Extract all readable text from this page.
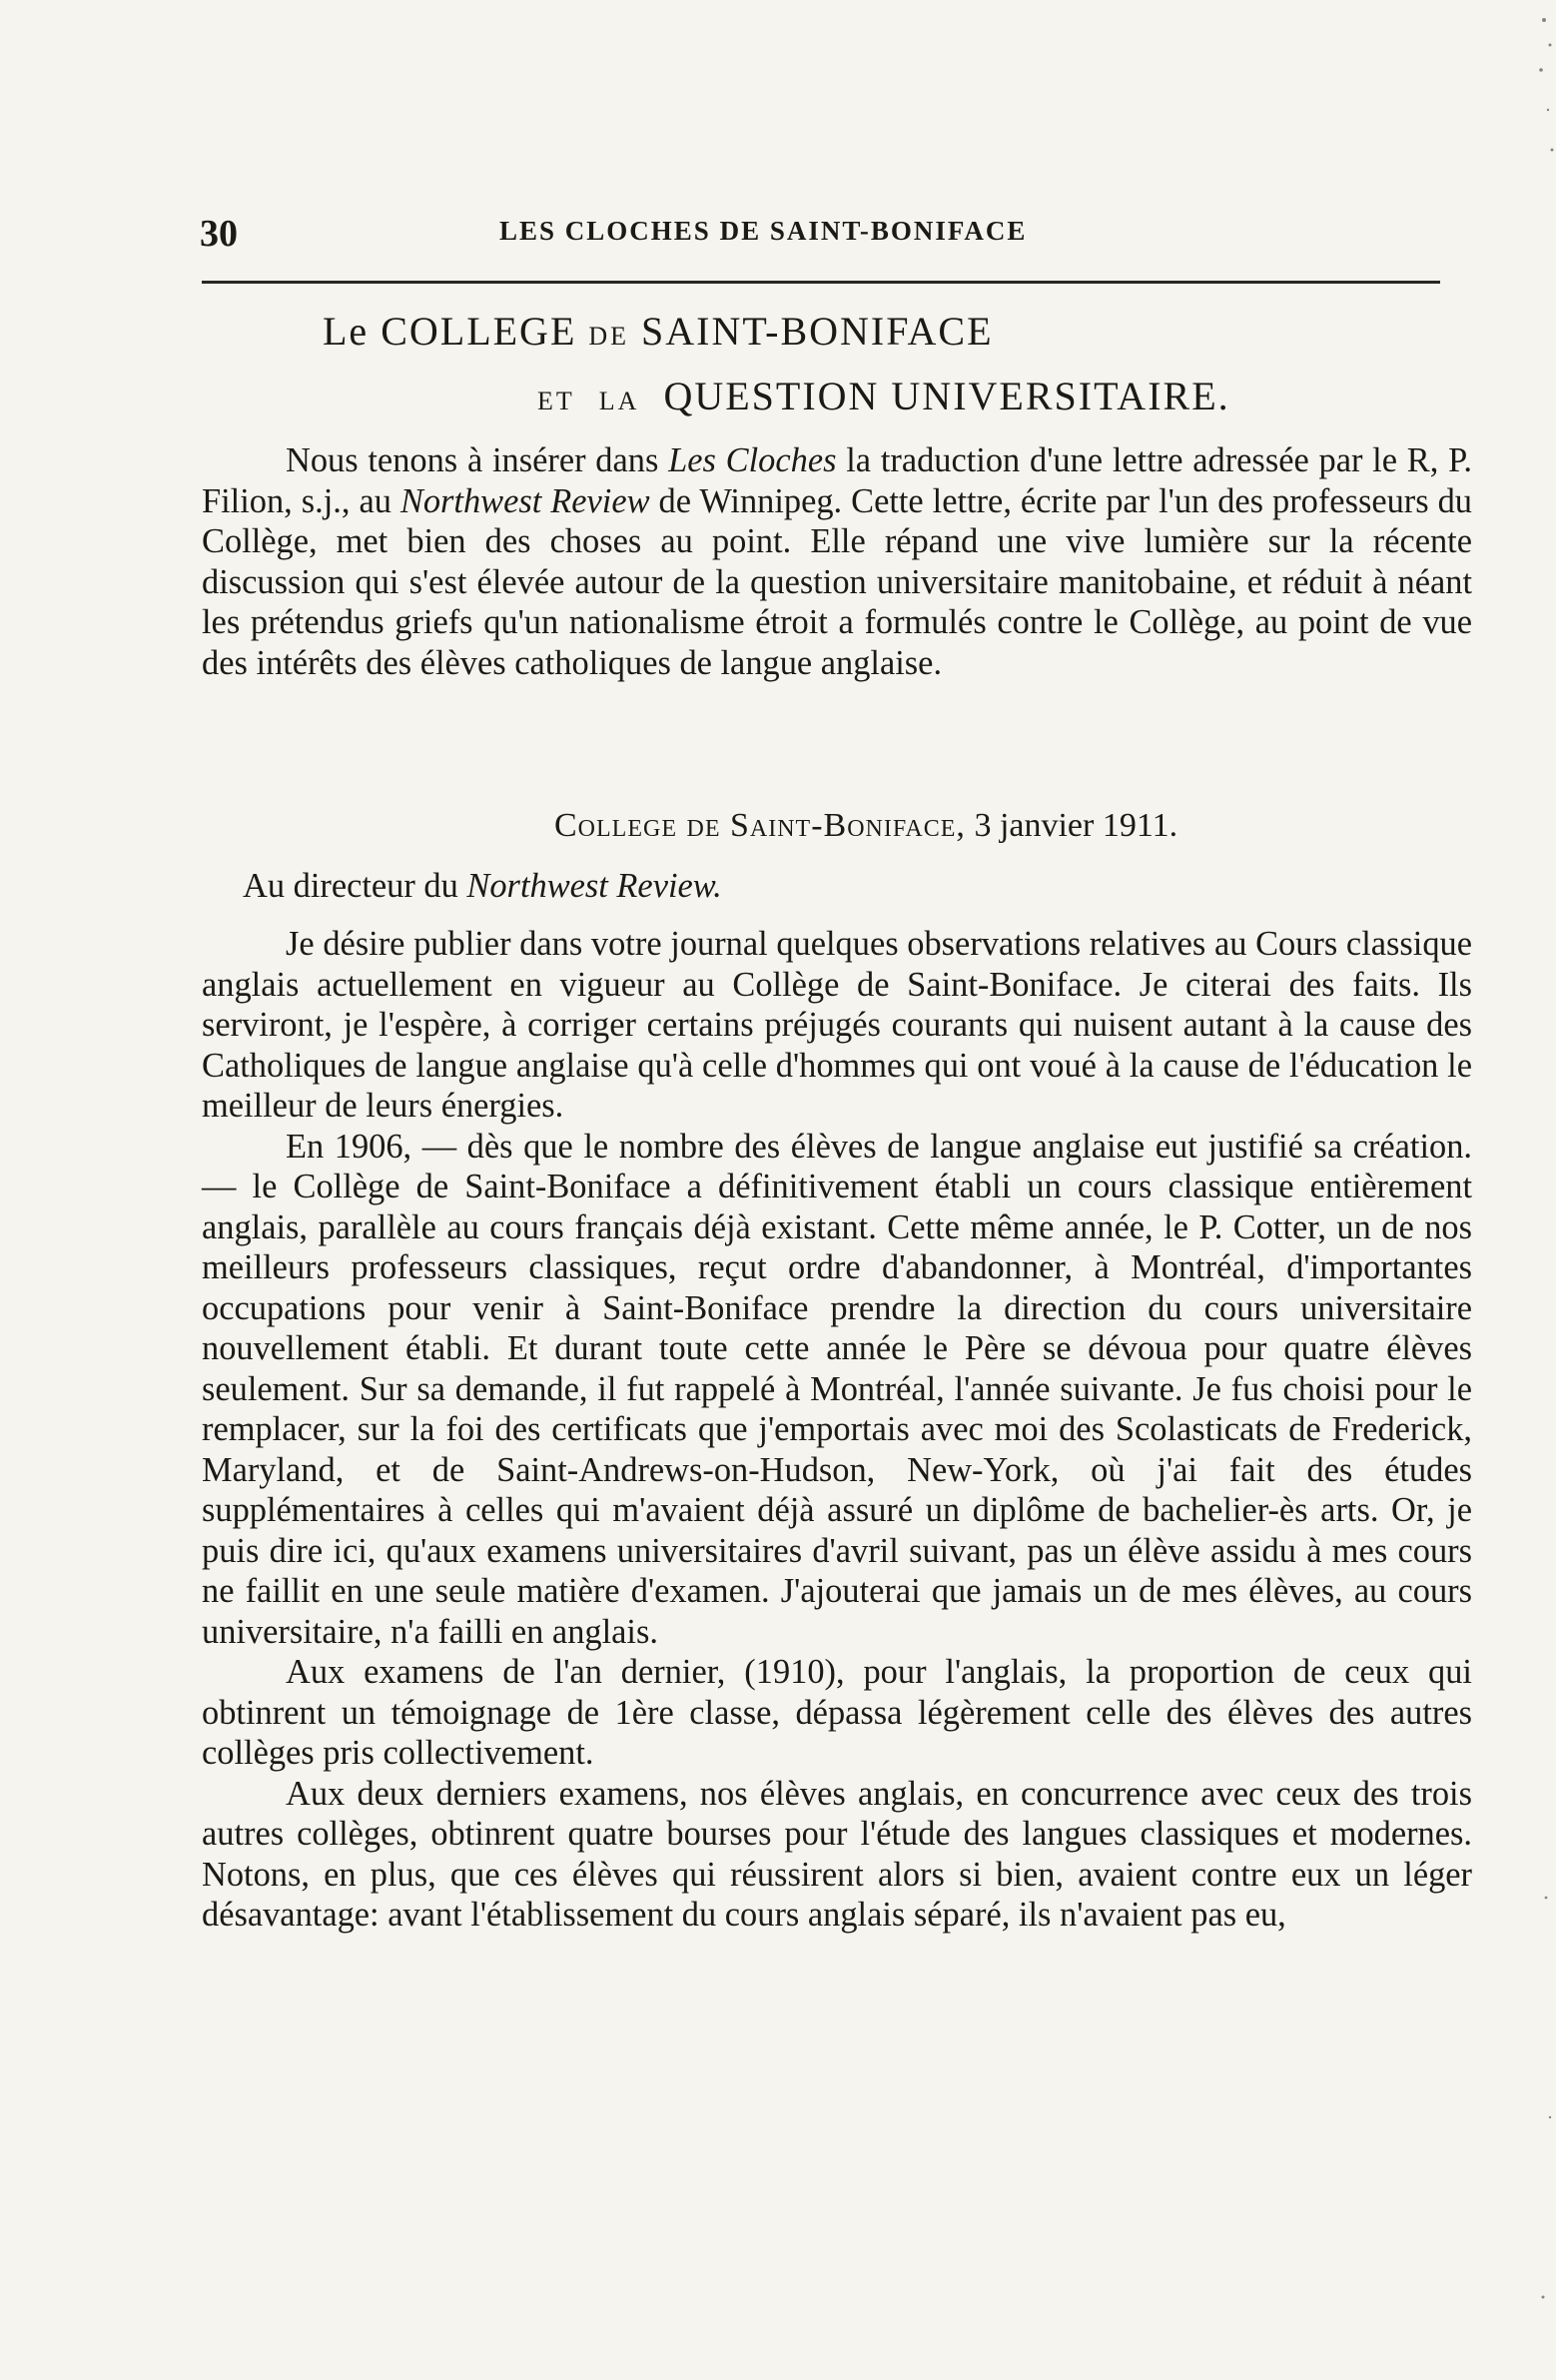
30	LES CLOCHES DE SAINT-BONIFACE
Le COLLEGE DE SAINT-BONIFACE
ET LA QUESTION UNIVERSITAIRE.

Nous tenons à insérer dans Les Cloches la traduction d'une lettre adressée par le R, P. Filion, s.j., au Northwest Review de Winnipeg. Cette lettre, écrite par l'un des professeurs du Collège, met bien des choses au point. Elle répand une vive lumière sur la récente discussion qui s'est élevée autour de la question universitaire manitobaine, et réduit à néant les prétendus griefs qu'un nationalisme étroit a formulés contre le Collège, au point de vue des intérêts des élèves catholiques de langue anglaise.

College de Saint-Boniface, 3 janvier 1911.
Au directeur du Northwest Review.

Je désire publier dans votre journal quelques observations relatives au Cours classique anglais actuellement en vigueur au Collège de Saint-Boniface. Je citerai des faits. Ils serviront, je l'espère, à corriger certains préjugés courants qui nuisent autant à la cause des Catholiques de langue anglaise qu'à celle d'hommes qui ont voué à la cause de l'éducation le meilleur de leurs énergies.

En 1906, — dès que le nombre des élèves de langue anglaise eut justifié sa création. — le Collège de Saint-Boniface a définitivement établi un cours classique entièrement anglais, parallèle au cours français déjà existant. Cette même année, le P. Cotter, un de nos meilleurs professeurs classiques, reçut ordre d'abandonner, à Montréal, d'importantes occupations pour venir à Saint-Boniface prendre la direction du cours universitaire nouvellement établi. Et durant toute cette année le Père se dévoua pour quatre élèves seulement. Sur sa demande, il fut rappelé à Montréal, l'année suivante. Je fus choisi pour le remplacer, sur la foi des certificats que j'emportais avec moi des Scolasticats de Frederick, Maryland, et de Saint-Andrews-on-Hudson, New-York, où j'ai fait des études supplémentaires à celles qui m'avaient déjà assuré un diplôme de bachelier-ès arts. Or, je puis dire ici, qu'aux examens universitaires d'avril suivant, pas un élève assidu à mes cours ne faillit en une seule matière d'examen. J'ajouterai que jamais un de mes élèves, au cours universitaire, n'a failli en anglais.

Aux examens de l'an dernier, (1910), pour l'anglais, la proportion de ceux qui obtinrent un témoignage de 1ère classe, dépassa légèrement celle des élèves des autres collèges pris collectivement.

Aux deux derniers examens, nos élèves anglais, en concurrence avec ceux des trois autres collèges, obtinrent quatre bourses pour l'étude des langues classiques et modernes. Notons, en plus, que ces élèves qui réussirent alors si bien, avaient contre eux un léger désavantage: avant l'établissement du cours anglais séparé, ils n'avaient pas eu,
